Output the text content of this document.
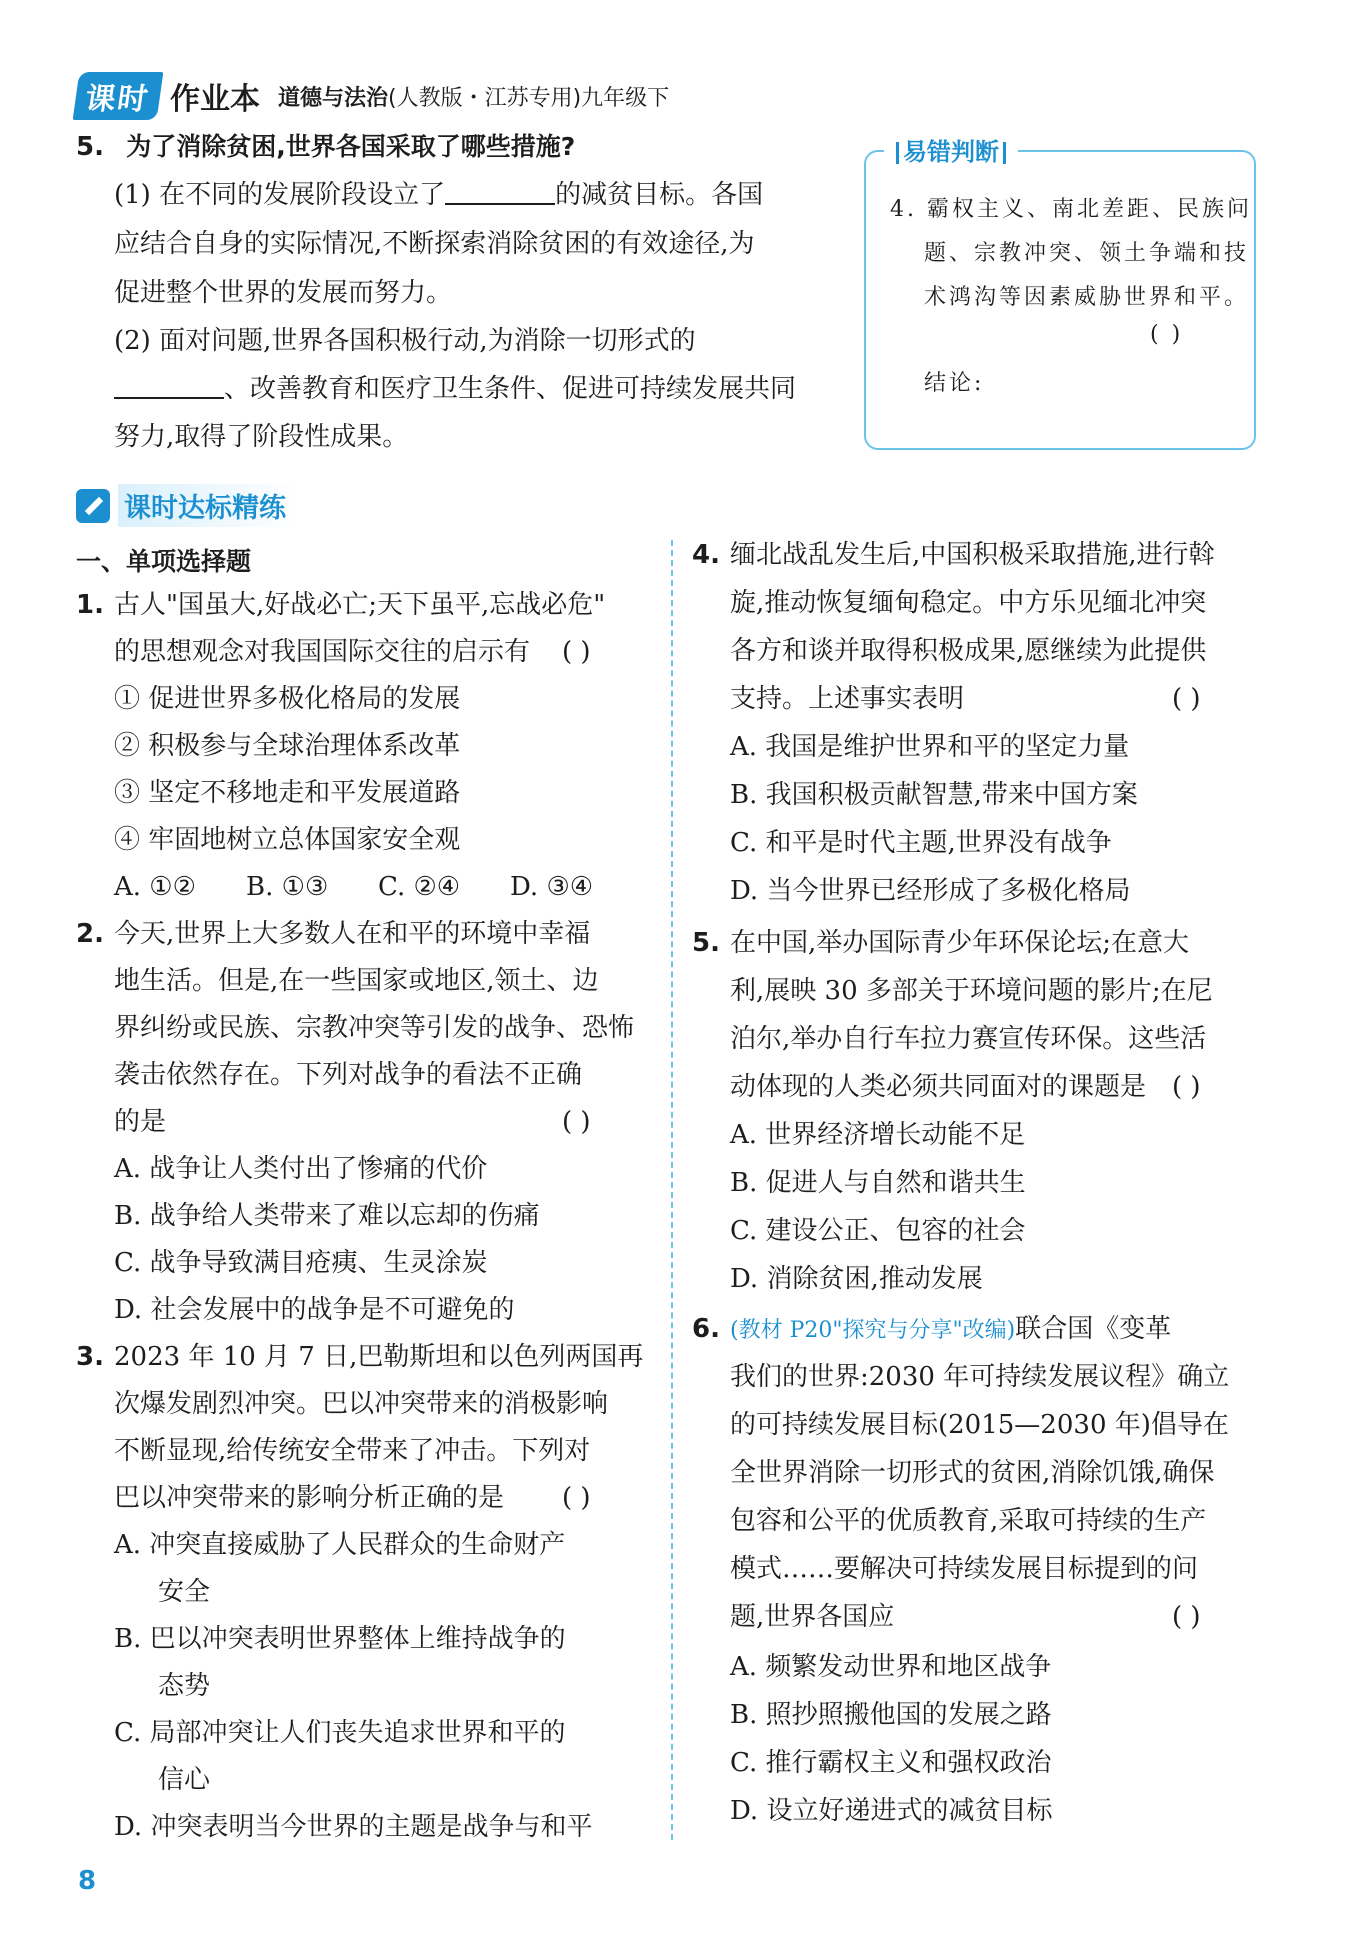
课时 作业本 道德与法治(人教版・江苏专用)九年级下
5. 为了消除贫困,世界各国采取了哪些措施?
(1) 在不同的发展阶段设立了	的减贫目标。各国
应结合自身的实际情况,不断探索消除贫困的有效途径,为
促进整个世界的发展而努力。
(2) 面对问题,世界各国积极行动,为消除一切形式的
、改善教育和医疗卫生条件、促进可持续发展共同
努力,取得了阶段性成果。
易错判断
4. 霸权主义、南北差距、民族问
题、宗教冲突、领土争端和技
术鸿沟等因素威胁世界和平。
( )
结论:
课时达标精练
一、单项选择题
1. 古人"国虽大,好战必亡;天下虽平,忘战必危"
的思想观念对我国国际交往的启示有 ( )
① 促进世界多极化格局的发展
② 积极参与全球治理体系改革
③ 坚定不移地走和平发展道路
④ 牢固地树立总体国家安全观
A. ①② B. ①③ C. ②④ D. ③④
2. 今天,世界上大多数人在和平的环境中幸福
地生活。但是,在一些国家或地区,领土、边
界纠纷或民族、宗教冲突等引发的战争、恐怖
袭击依然存在。下列对战争的看法不正确
的是	( )
A. 战争让人类付出了惨痛的代价
B. 战争给人类带来了难以忘却的伤痛
C. 战争导致满目疮痍、生灵涂炭
D. 社会发展中的战争是不可避免的
3. 2023 年 10 月 7 日,巴勒斯坦和以色列两国再
次爆发剧烈冲突。巴以冲突带来的消极影响
不断显现,给传统安全带来了冲击。下列对
巴以冲突带来的影响分析正确的是 ( )
A. 冲突直接威胁了人民群众的生命财产
安全
B. 巴以冲突表明世界整体上维持战争的
态势
C. 局部冲突让人们丧失追求世界和平的
信心
D. 冲突表明当今世界的主题是战争与和平
4. 缅北战乱发生后,中国积极采取措施,进行斡
旋,推动恢复缅甸稳定。中方乐见缅北冲突
各方和谈并取得积极成果,愿继续为此提供
支持。上述事实表明	( )
A. 我国是维护世界和平的坚定力量
B. 我国积极贡献智慧,带来中国方案
C. 和平是时代主题,世界没有战争
D. 当今世界已经形成了多极化格局
5. 在中国,举办国际青少年环保论坛;在意大
利,展映 30 多部关于环境问题的影片;在尼
泊尔,举办自行车拉力赛宣传环保。这些活
动体现的人类必须共同面对的课题是 ( )
A. 世界经济增长动能不足
B. 促进人与自然和谐共生
C. 建设公正、包容的社会
D. 消除贫困,推动发展
6. (教材 P20"探究与分享"改编)联合国《变革
我们的世界:2030 年可持续发展议程》确立
的可持续发展目标(2015—2030 年)倡导在
全世界消除一切形式的贫困,消除饥饿,确保
包容和公平的优质教育,采取可持续的生产
模式……要解决可持续发展目标提到的问
题,世界各国应	( )
A. 频繁发动世界和地区战争
B. 照抄照搬他国的发展之路
C. 推行霸权主义和强权政治
D. 设立好递进式的减贫目标
8
